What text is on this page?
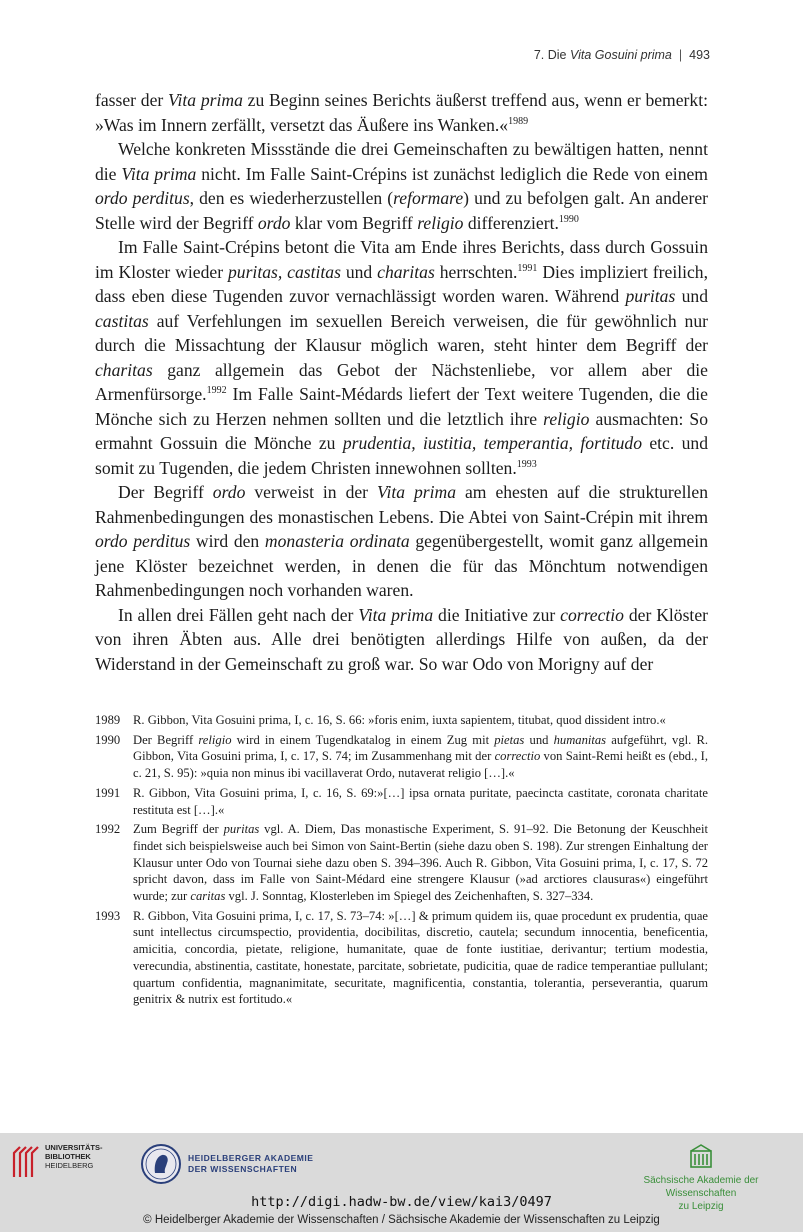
7. Die Vita Gosuini prima | 493

fasser der Vita prima zu Beginn seines Berichts äußerst treffend aus, wenn er bemerkt: »Was im Innern zerfällt, versetzt das Äußere ins Wanken.«$^{1989}$

Welche konkreten Missstände die drei Gemeinschaften zu bewältigen hatten, nennt die Vita prima nicht. Im Falle Saint-Crépins ist zunächst lediglich die Rede von einem ordo perditus, den es wiederherzustellen (reformare) und zu befolgen galt. An anderer Stelle wird der Begriff ordo klar vom Begriff religio differenziert.$^{1990}$

Im Falle Saint-Crépins betont die Vita am Ende ihres Berichts, dass durch Gossuin im Kloster wieder puritas, castitas und charitas herrschten.$^{1991}$ Dies impliziert freilich, dass eben diese Tugenden zuvor vernachlässigt worden waren. Während puritas und castitas auf Verfehlungen im sexuellen Bereich verweisen, die für gewöhnlich nur durch die Missachtung der Klausur möglich waren, steht hinter dem Begriff der charitas ganz allgemein das Gebot der Nächstenliebe, vor allem aber die Armenfürsorge.$^{1992}$ Im Falle Saint-Médards liefert der Text weitere Tugenden, die die Mönche sich zu Herzen nehmen sollten und die letztlich ihre religio ausmachten: So ermahnt Gossuin die Mönche zu prudentia, iustitia, temperantia, fortitudo etc. und somit zu Tugenden, die jedem Christen innewohnen sollten.$^{1993}$

Der Begriff ordo verweist in der Vita prima am ehesten auf die strukturellen Rahmenbedingungen des monastischen Lebens. Die Abtei von Saint-Crépin mit ihrem ordo perditus wird den monasteria ordinata gegenübergestellt, womit ganz allgemein jene Klöster bezeichnet werden, in denen die für das Mönchtum notwendigen Rahmenbedingungen noch vorhanden waren.

In allen drei Fällen geht nach der Vita prima die Initiative zur correctio der Klöster von ihren Äbten aus. Alle drei benötigten allerdings Hilfe von außen, da der Widerstand in der Gemeinschaft zu groß war. So war Odo von Morigny auf der

1989	R. Gibbon, Vita Gosuini prima, I, c. 16, S. 66: »foris enim, iuxta sapientem, titubat, quod dissident intro.«
1990	Der Begriff religio wird in einem Tugendkatalog in einem Zug mit pietas und humanitas aufgeführt, vgl. R. Gibbon, Vita Gosuini prima, I, c. 17, S. 74; im Zusammenhang mit der correctio von Saint-Remi heißt es (ebd., I, c. 21, S. 95): »quia non minus ibi vacillaverat Ordo, nutaverat religio […].«
1991	R. Gibbon, Vita Gosuini prima, I, c. 16, S. 69:»[…] ipsa ornata puritate, paecincta castitate, coronata charitate restituta est […].«
1992	Zum Begriff der puritas vgl. A. Diem, Das monastische Experiment, S. 91–92. Die Betonung der Keuschheit findet sich beispielsweise auch bei Simon von Saint-Bertin (siehe dazu oben S. 198). Zur strengen Einhaltung der Klausur unter Odo von Tournai siehe dazu oben S. 394–396. Auch R. Gibbon, Vita Gosuini prima, I, c. 17, S. 72 spricht davon, dass im Falle von Saint-Médard eine strengere Klausur (»ad arctiores clausuras«) eingeführt wurde; zur caritas vgl. J. Sonntag, Klosterleben im Spiegel des Zeichenhaften, S. 327–334.
1993	R. Gibbon, Vita Gosuini prima, I, c. 17, S. 73–74: »[…] & primum quidem iis, quae procedunt ex prudentia, quae sunt intellectus circumspectio, providentia, docibilitas, discretio, cautela; secundum innocentia, beneficentia, amicitia, concordia, pietate, religione, humanitate, quae de fonte iustitiae, derivantur; tertium modestia, verecundia, abstinentia, castitate, honestate, parcitate, sobrietate, pudicitia, quae de radice temperantiae pullulant; quartum confidentia, magnanimitate, securitate, magnificentia, constantia, tolerantia, perseverantia, quarum genitrix & nutrix est fortitudo.«
UNIVERSITÄTS-
BIBLIOTHEK
HEIDELBERG
HEIDELBERGER AKADEMIE
DER WISSENSCHAFTEN
Sächsische Akademie der Wissenschaften
zu Leipzig
http://digi.hadw-bw.de/view/kai3/0497
© Heidelberger Akademie der Wissenschaften / Sächsische Akademie der Wissenschaften zu Leipzig
